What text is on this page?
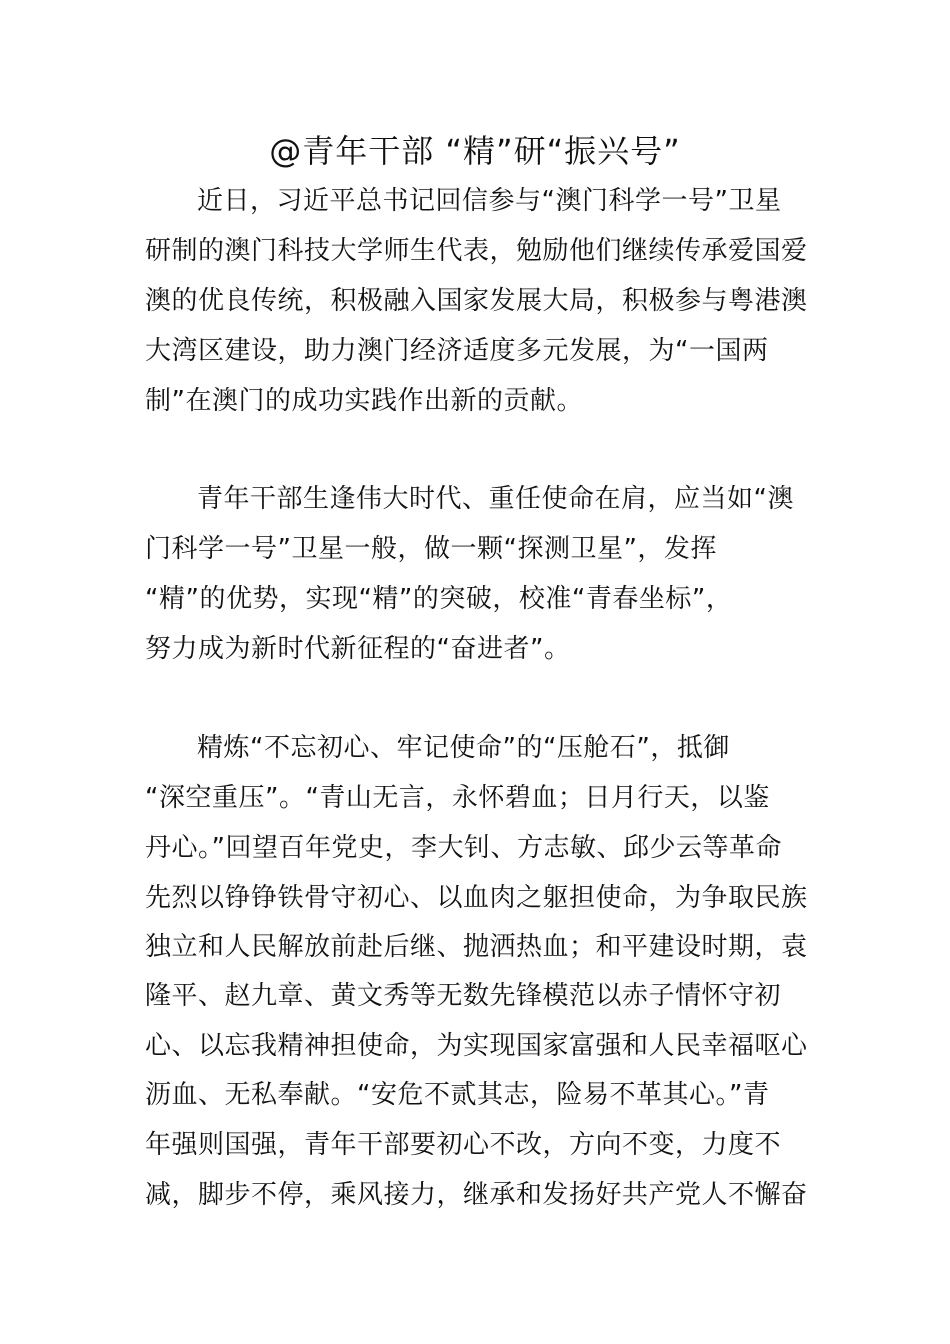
@青年干部 “精”研“振兴号”

近日，习近平总书记回信参与“澳门科学一号”卫星

研制的澳门科技大学师生代表，勉励他们继续传承爱国爱

澳的优良传统，积极融入国家发展大局，积极参与粤港澳

大湾区建设，助力澳门经济适度多元发展，为“一国两

制”在澳门的成功实践作出新的贡献。

青年干部生逢伟大时代、重任使命在肩，应当如“澳

门科学一号”卫星一般，做一颗“探测卫星”，发挥

“精”的优势，实现“精”的突破，校准“青春坐标”，

努力成为新时代新征程的“奋进者”。

精炼“不忘初心、牢记使命”的“压舱石”，抵御

“深空重压”。“青山无言，永怀碧血；日月行天，以鉴

丹心。”回望百年党史，李大钊、方志敏、邱少云等革命

先烈以铮铮铁骨守初心、以血肉之躯担使命，为争取民族

独立和人民解放前赴后继、抛洒热血；和平建设时期，袁

隆平、赵九章、黄文秀等无数先锋模范以赤子情怀守初

心、以忘我精神担使命，为实现国家富强和人民幸福呕心

沥血、无私奉献。“安危不贰其志，险易不革其心。”青

年强则国强，青年干部要初心不改，方向不变，力度不

减，脚步不停，乘风接力，继承和发扬好共产党人不懈奋
